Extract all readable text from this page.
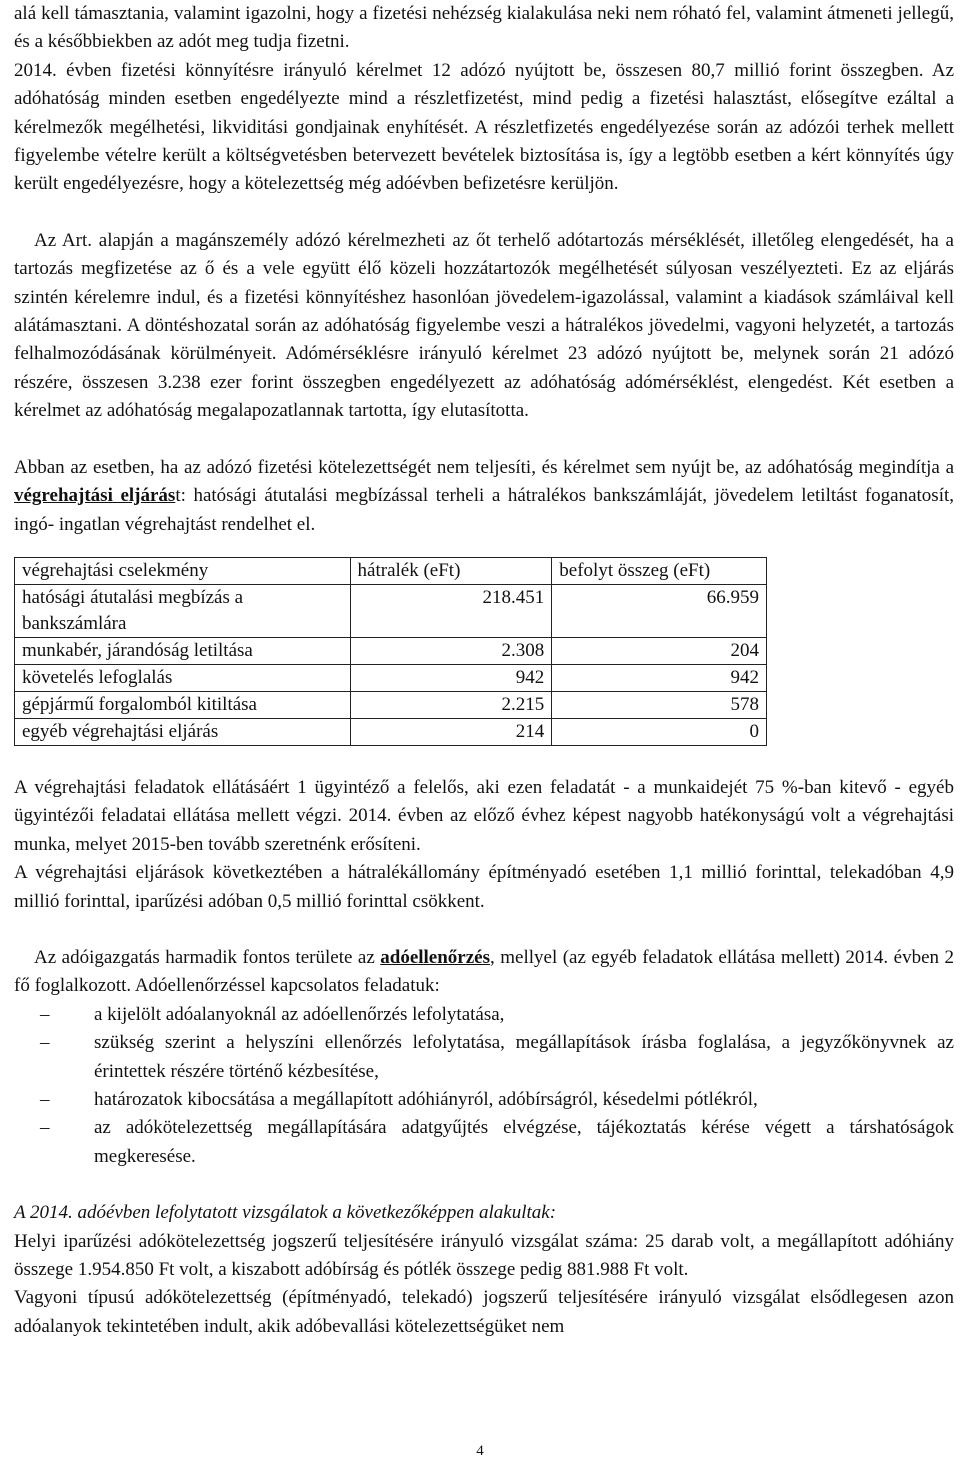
alá kell támasztania, valamint igazolni, hogy a fizetési nehézség kialakulása neki nem róható fel, valamint átmeneti jellegű, és a későbbiekben az adót meg tudja fizetni.
2014. évben fizetési könnyítésre irányuló kérelmet 12 adózó nyújtott be, összesen 80,7 millió forint összegben. Az adóhatóság minden esetben engedélyezte mind a részletfizetést, mind pedig a fizetési halasztást, elősegítve ezáltal a kérelmezők megélhetési, likviditási gondjainak enyhítését. A részletfizetés engedélyezése során az adózói terhek mellett figyelembe vételre került a költségvetésben betervezett bevételek biztosítása is, így a legtöbb esetben a kért könnyítés úgy került engedélyezésre, hogy a kötelezettség még adóévben befizetésre kerüljön.

Az Art. alapján a magánszemély adózó kérelmezheti az őt terhelő adótartozás mérséklését, illetőleg elengedését, ha a tartozás megfizetése az ő és a vele együtt élő közeli hozzátartozók megélhetését súlyosan veszélyezteti. Ez az eljárás szintén kérelemre indul, és a fizetési könnyítéshez hasonlóan jövedelem-igazolással, valamint a kiadások számláival kell alátámasztani. A döntéshozatal során az adóhatóság figyelembe veszi a hátralékos jövedelmi, vagyoni helyzetét, a tartozás felhalmozódásának körülményeit. Adómérséklésre irányuló kérelmet 23 adózó nyújtott be, melynek során 21 adózó részére, összesen 3.238 ezer forint összegben engedélyezett az adóhatóság adómérséklést, elengedést. Két esetben a kérelmet az adóhatóság megalapozatlannak tartotta, így elutasította.

Abban az esetben, ha az adózó fizetési kötelezettségét nem teljesíti, és kérelmet sem nyújt be, az adóhatóság megindítja a végrehajtási eljárást: hatósági átutalási megbízással terheli a hátralékos bankszámláját, jövedelem letiltást foganatosít, ingó- ingatlan végrehajtást rendelhet el.

végrehajtási cselekmény	hátralék (eFt)	befolyt összeg (eFt)
hatósági átutalási megbízás a bankszámlára	218.451	66.959
munkabér, járandóság letiltása	2.308	204
követelés lefoglalás	942	942
gépjármű forgalomból kitiltása	2.215	578
egyéb végrehajtási eljárás	214	0

A végrehajtási feladatok ellátásáért 1 ügyintéző a felelős, aki ezen feladatát - a munkaidejét 75 %-ban kitevő - egyéb ügyintézői feladatai ellátása mellett végzi. 2014. évben az előző évhez képest nagyobb hatékonyságú volt a végrehajtási munka, melyet 2015-ben tovább szeretnénk erősíteni.

A végrehajtási eljárások következtében a hátralékállomány építményadó esetében 1,1 millió forinttal, telekadóban 4,9 millió forinttal, iparűzési adóban 0,5 millió forinttal csökkent.

Az adóigazgatás harmadik fontos területe az adóellenőrzés, mellyel (az egyéb feladatok ellátása mellett) 2014. évben 2 fő foglalkozott. Adóellenőrzéssel kapcsolatos feladatuk:

– a kijelölt adóalanyoknál az adóellenőrzés lefolytatása,
– szükség szerint a helyszíni ellenőrzés lefolytatása, megállapítások írásba foglalása, a jegyzőkönyvnek az érintettek részére történő kézbesítése,
– határozatok kibocsátása a megállapított adóhiányról, adóbírságról, késedelmi pótlékról,
– az adókötelezettség megállapítására adatgyűjtés elvégzése, tájékoztatás kérése végett a társhatóságok megkeresése.

A 2014. adóévben lefolytatott vizsgálatok a következőképpen alakultak:

Helyi iparűzési adókötelezettség jogszerű teljesítésére irányuló vizsgálat száma: 25 darab volt, a megállapított adóhiány összege 1.954.850 Ft volt, a kiszabott adóbírság és pótlék összege pedig 881.988 Ft volt.

Vagyoni típusú adókötelezettség (építményadó, telekadó) jogszerű teljesítésére irányuló vizsgálat elsődlegesen azon adóalanyok tekintetében indult, akik adóbevallási kötelezettségüket nem

4
